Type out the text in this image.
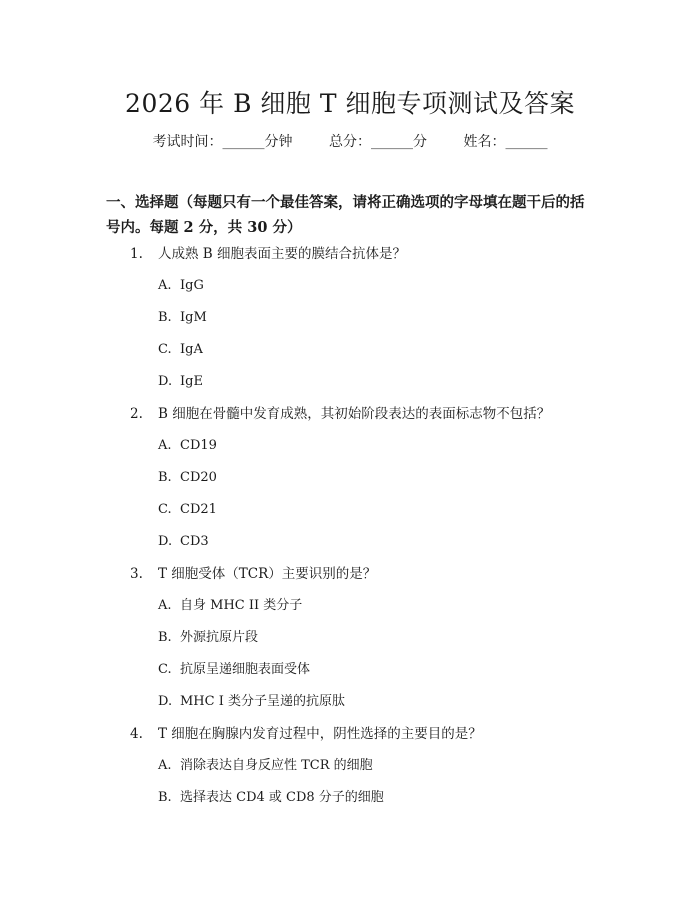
2026 年 B 细胞 T 细胞专项测试及答案
考试时间：______分钟	总分：______分	姓名：______
一、选择题（每题只有一个最佳答案，请将正确选项的字母填在题干后的括号内。每题 2 分，共 30 分）
1. 人成熟 B 细胞表面主要的膜结合抗体是？
A. IgG
B. IgM
C. IgA
D. IgE
2. B 细胞在骨髓中发育成熟，其初始阶段表达的表面标志物不包括？
A. CD19
B. CD20
C. CD21
D. CD3
3. T 细胞受体（TCR）主要识别的是？
A. 自身 MHC II 类分子
B. 外源抗原片段
C. 抗原呈递细胞表面受体
D. MHC I 类分子呈递的抗原肽
4. T 细胞在胸腺内发育过程中，阴性选择的主要目的是？
A. 消除表达自身反应性 TCR 的细胞
B. 选择表达 CD4 或 CD8 分子的细胞
